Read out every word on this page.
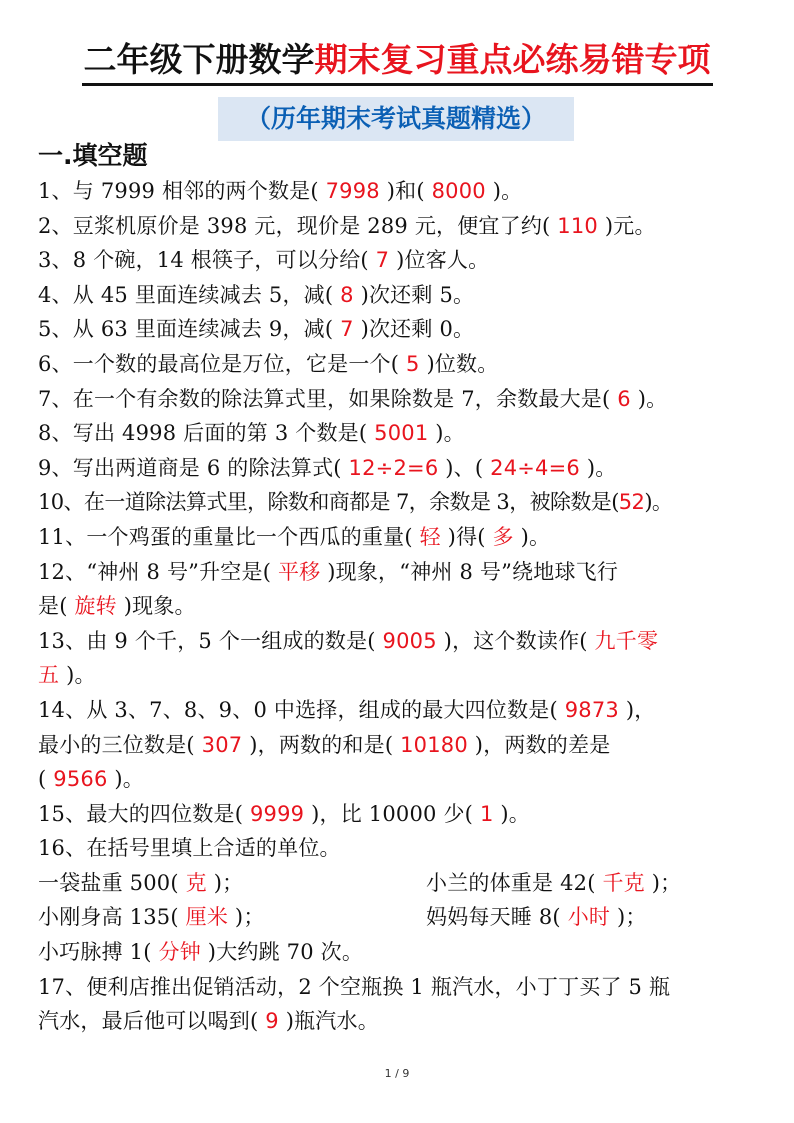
二年级下册数学期末复习重点必练易错专项
（历年期末考试真题精选）
一.填空题
1、与 7999 相邻的两个数是( 7998 )和( 8000 )。
2、豆浆机原价是 398 元，现价是 289 元，便宜了约( 110 )元。
3、8 个碗，14 根筷子，可以分给( 7 )位客人。
4、从 45 里面连续减去 5，减( 8 )次还剩 5。
5、从 63 里面连续减去 9，减( 7 )次还剩 0。
6、一个数的最高位是万位，它是一个( 5 )位数。
7、在一个有余数的除法算式里，如果除数是 7，余数最大是( 6 )。
8、写出 4998 后面的第 3 个数是( 5001 )。
9、写出两道商是 6 的除法算式( 12÷2=6 )、( 24÷4=6 )。
10、在一道除法算式里，除数和商都是 7，余数是 3，被除数是(52)。
11、一个鸡蛋的重量比一个西瓜的重量( 轻 )得( 多 )。
12、“神州 8 号”升空是( 平移 )现象，“神州 8 号”绕地球飞行
是( 旋转 )现象。
13、由 9 个千，5 个一组成的数是( 9005 )，这个数读作( 九千零
五 )。
14、从 3、7、8、9、0 中选择，组成的最大四位数是( 9873 )，
最小的三位数是( 307 )，两数的和是( 10180 )，两数的差是
( 9566 )。
15、最大的四位数是( 9999 )，比 10000 少( 1 )。
16、在括号里填上合适的单位。
一袋盐重 500( 克 )；	小兰的体重是 42( 千克 )；
小刚身高 135( 厘米 )；	妈妈每天睡 8( 小时 )；
小巧脉搏 1( 分钟 )大约跳 70 次。
17、便利店推出促销活动，2 个空瓶换 1 瓶汽水，小丁丁买了 5 瓶
汽水，最后他可以喝到( 9 )瓶汽水。
1 / 9
